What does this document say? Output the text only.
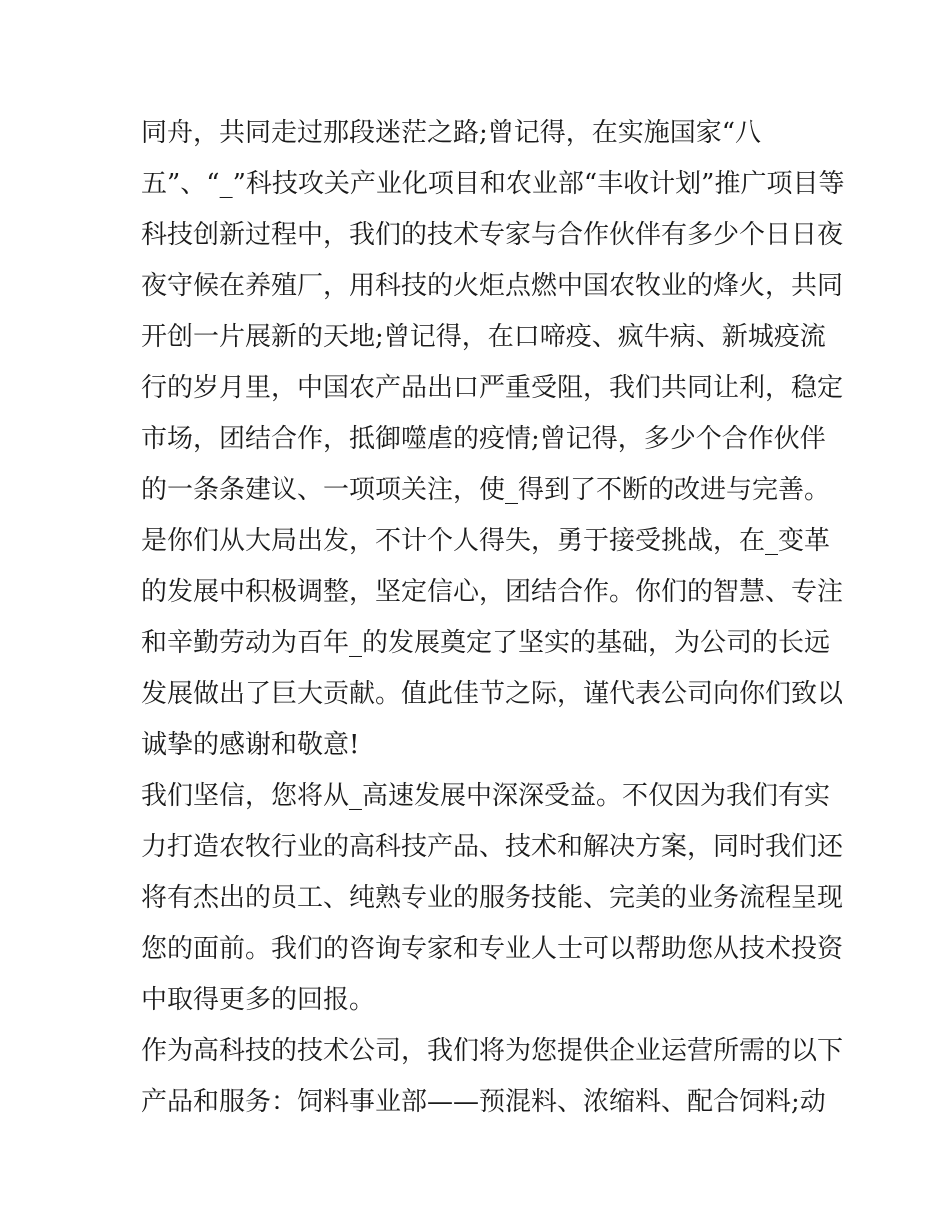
同舟，共同走过那段迷茫之路;曾记得，在实施国家“八
五”、“_”科技攻关产业化项目和农业部“丰收计划”推广项目等
科技创新过程中，我们的技术专家与合作伙伴有多少个日日夜
夜守候在养殖厂，用科技的火炬点燃中国农牧业的烽火，共同
开创一片展新的天地;曾记得，在口啼疫、疯牛病、新城疫流
行的岁月里，中国农产品出口严重受阻，我们共同让利，稳定
市场，团结合作，抵御噬虐的疫情;曾记得，多少个合作伙伴
的一条条建议、一项项关注，使_得到了不断的改进与完善。
是你们从大局出发，不计个人得失，勇于接受挑战，在_变革
的发展中积极调整，坚定信心，团结合作。你们的智慧、专注
和辛勤劳动为百年_的发展奠定了坚实的基础，为公司的长远
发展做出了巨大贡献。值此佳节之际，谨代表公司向你们致以
诚挚的感谢和敬意!
我们坚信，您将从_高速发展中深深受益。不仅因为我们有实
力打造农牧行业的高科技产品、技术和解决方案，同时我们还
将有杰出的员工、纯熟专业的服务技能、完美的业务流程呈现
您的面前。我们的咨询专家和专业人士可以帮助您从技术投资
中取得更多的回报。
作为高科技的技术公司，我们将为您提供企业运营所需的以下
产品和服务：饲料事业部——预混料、浓缩料、配合饲料;动
